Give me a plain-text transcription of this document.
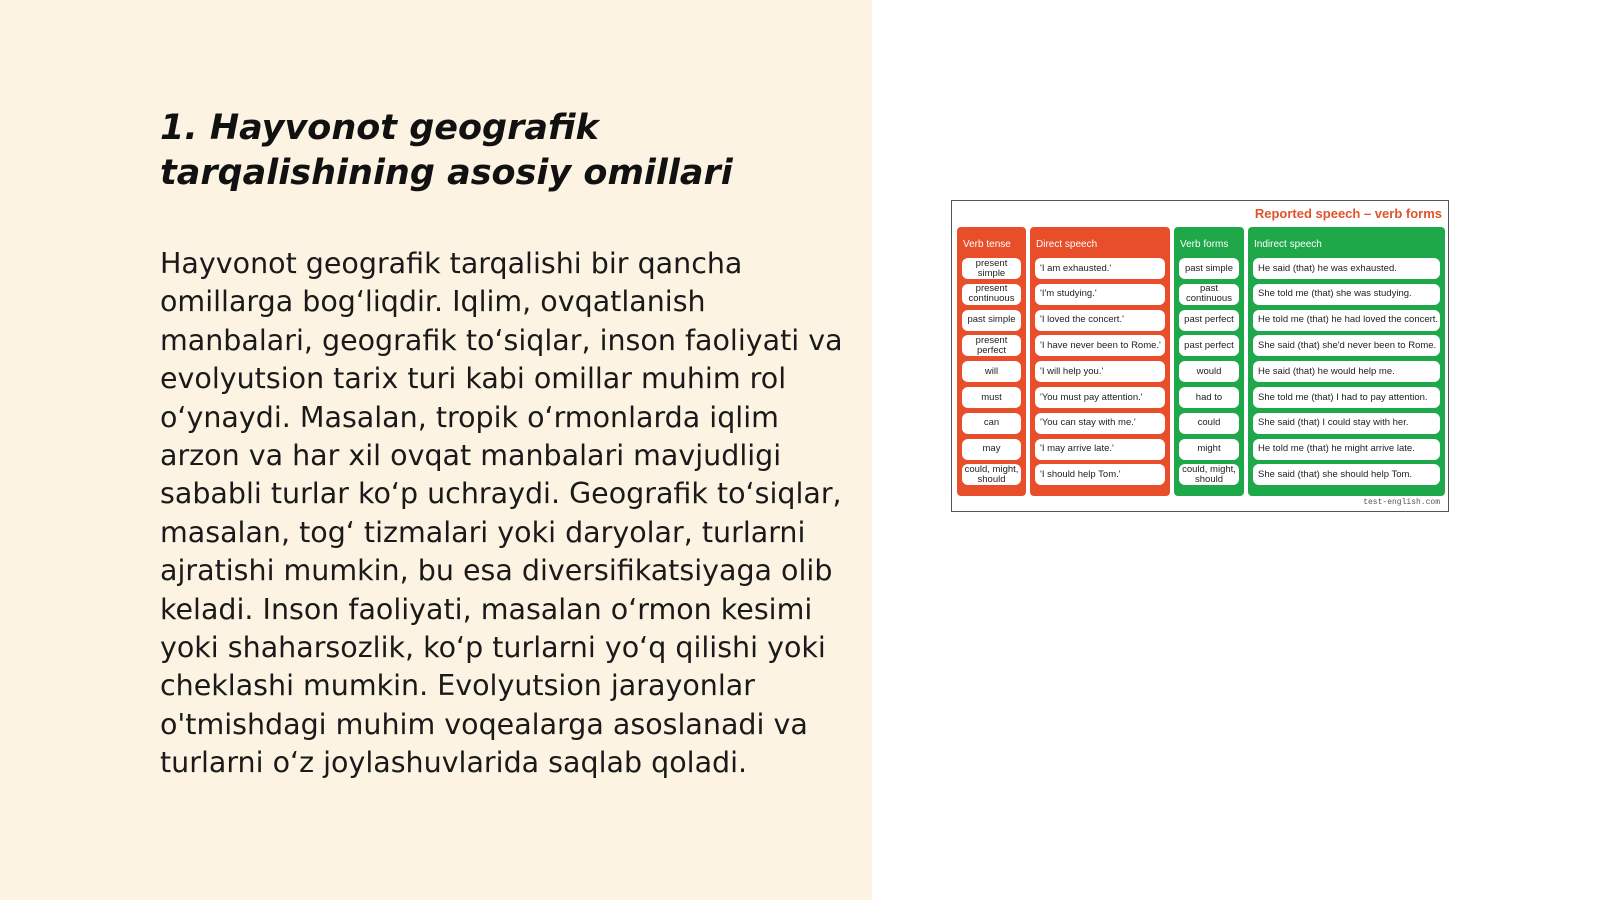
1. Hayvonot geografik tarqalishining asosiy omillari

Hayvonot geografik tarqalishi bir qancha omillarga bog‘liqdir. Iqlim, ovqatlanish manbalari, geografik to‘siqlar, inson faoliyati va evolyutsion tarix turi kabi omillar muhim rol o‘ynaydi. Masalan, tropik o‘rmonlarda iqlim arzon va har xil ovqat manbalari mavjudligi sababli turlar ko‘p uchraydi. Geografik to‘siqlar, masalan, tog‘ tizmalari yoki daryolar, turlarni ajratishi mumkin, bu esa diversifikatsiyaga olib keladi. Inson faoliyati, masalan o‘rmon kesimi yoki shaharsozlik, ko‘p turlarni yo‘q qilishi yoki cheklashi mumkin. Evolyutsion jarayonlar o'tmishdagi muhim voqealarga asoslanadi va turlarni o‘z joylashuvlarida saqlab qoladi.

Reported speech – verb forms
Verb tense	Direct speech	Verb forms	Indirect speech
present simple	'I am exhausted.'	past simple	He said (that) he was exhausted.
present continuous	'I'm studying.'	past continuous	She told me (that) she was studying.
past simple	'I loved the concert.'	past perfect	He told me (that) he had loved the concert.
present perfect	'I have never been to Rome.'	past perfect	She said (that) she'd never been to Rome.
will	'I will help you.'	would	He said (that) he would help me.
must	'You must pay attention.'	had to	She told me (that) I had to pay attention.
can	'You can stay with me.'	could	She said (that) I could stay with her.
may	'I may arrive late.'	might	He told me (that) he might arrive late.
could, might, should	'I should help Tom.'	could, might, should	She said (that) she should help Tom.
test-english.com
